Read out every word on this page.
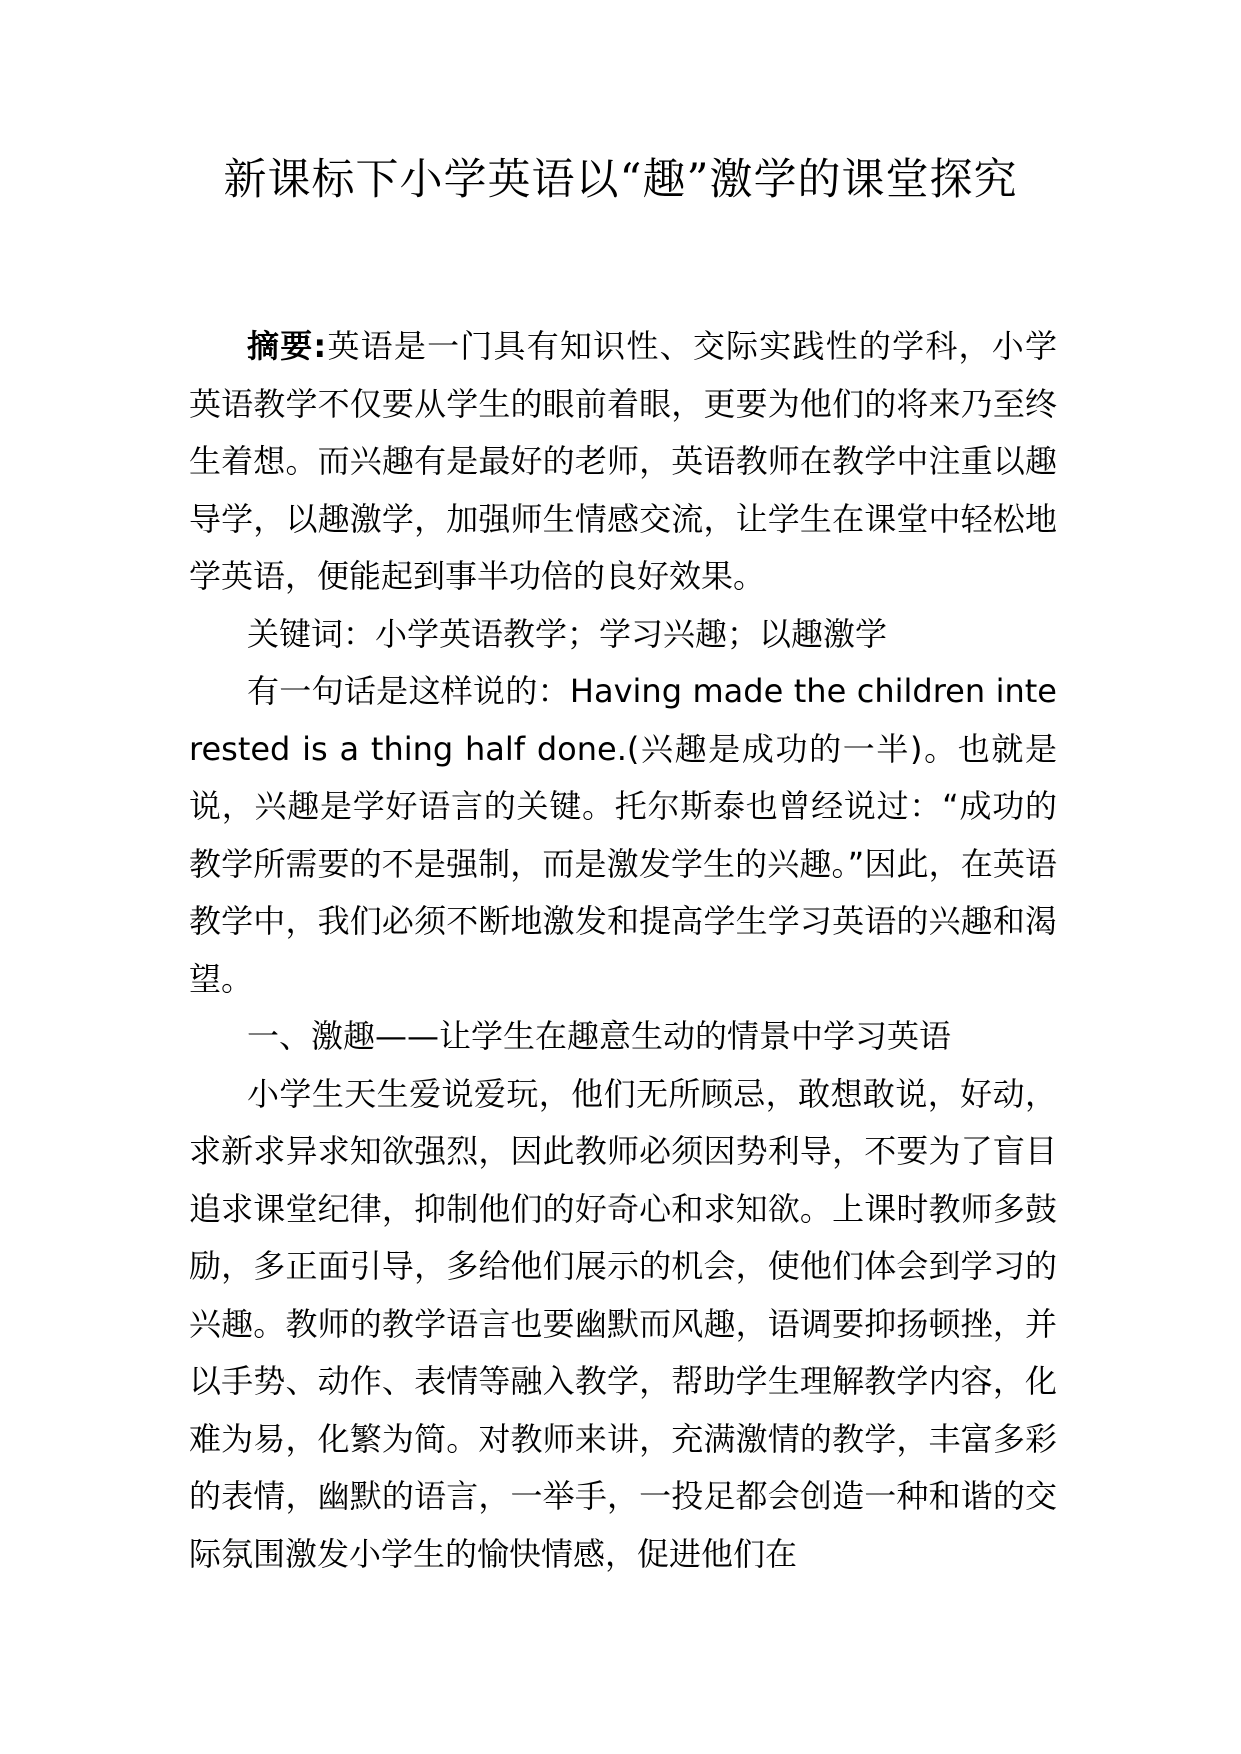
新课标下小学英语以“趣”激学的课堂探究

摘要:英语是一门具有知识性、交际实践性的学科，小学英语教学不仅要从学生的眼前着眼，更要为他们的将来乃至终生着想。而兴趣有是最好的老师，英语教师在教学中注重以趣导学，以趣激学，加强师生情感交流，让学生在课堂中轻松地学英语，便能起到事半功倍的良好效果。

关键词：小学英语教学；学习兴趣；以趣激学

有一句话是这样说的：Having made the children interested is a thing half done.(兴趣是成功的一半)。也就是说，兴趣是学好语言的关键。托尔斯泰也曾经说过：“成功的教学所需要的不是强制，而是激发学生的兴趣。”因此，在英语教学中，我们必须不断地激发和提高学生学习英语的兴趣和渴望。

一、激趣——让学生在趣意生动的情景中学习英语

小学生天生爱说爱玩，他们无所顾忌，敢想敢说，好动，求新求异求知欲强烈，因此教师必须因势利导，不要为了盲目追求课堂纪律，抑制他们的好奇心和求知欲。上课时教师多鼓励，多正面引导，多给他们展示的机会，使他们体会到学习的兴趣。教师的教学语言也要幽默而风趣，语调要抑扬顿挫，并以手势、动作、表情等融入教学，帮助学生理解教学内容，化难为易，化繁为简。对教师来讲，充满激情的教学，丰富多彩的表情，幽默的语言，一举手，一投足都会创造一种和谐的交际氛围激发小学生的愉快情感，促进他们在
